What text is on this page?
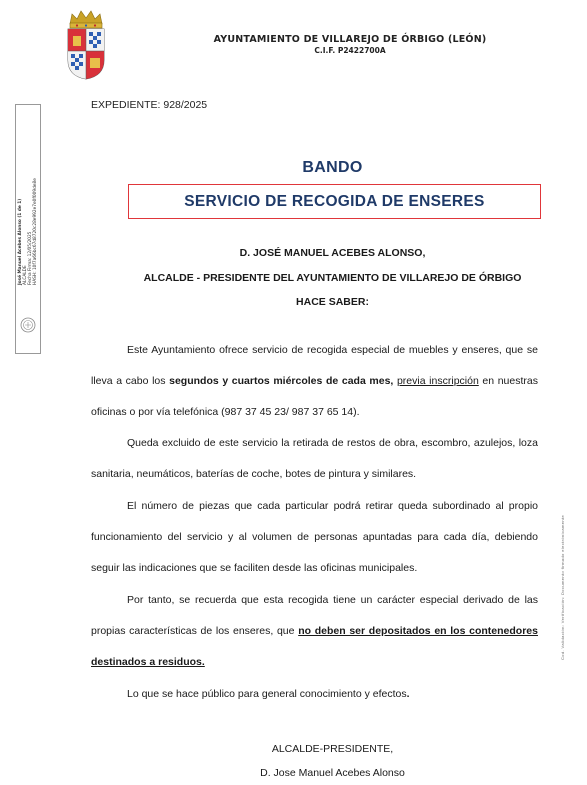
AYUNTAMIENTO DE VILLAREJO DE ÓRBIGO (LEÓN)
C.I.F. P2422700A
José Manuel Acebes Alonso (1 de 1) ALCALDE Fecha Firma: 12/05/2025 HASH: 10f7a66bc67d8720c28e992e7e0f009de8e
Cod. Validación: Verificación: Documento firmado electrónicamente
EXPEDIENTE: 928/2025
BANDO
SERVICIO DE RECOGIDA DE ENSERES
D. JOSÉ MANUEL ACEBES ALONSO,
ALCALDE - PRESIDENTE DEL AYUNTAMIENTO DE VILLAREJO DE ÓRBIGO
HACE SABER:
Este Ayuntamiento ofrece servicio de recogida especial de muebles y enseres, que se lleva a cabo los segundos y cuartos miércoles de cada mes, previa inscripción en nuestras oficinas o por vía telefónica (987 37 45 23/ 987 37 65 14).
Queda excluido de este servicio la retirada de restos de obra, escombro, azulejos, loza sanitaria, neumáticos, baterías de coche, botes de pintura y similares.
El número de piezas que cada particular podrá retirar queda subordinado al propio funcionamiento del servicio y al volumen de personas apuntadas para cada día, debiendo seguir las indicaciones que se faciliten desde las oficinas municipales.
Por tanto, se recuerda que esta recogida tiene un carácter especial derivado de las propias características de los enseres, que no deben ser depositados en los contenedores destinados a residuos.
Lo que se hace público para general conocimiento y efectos.
ALCALDE-PRESIDENTE,
D. Jose Manuel Acebes Alonso
